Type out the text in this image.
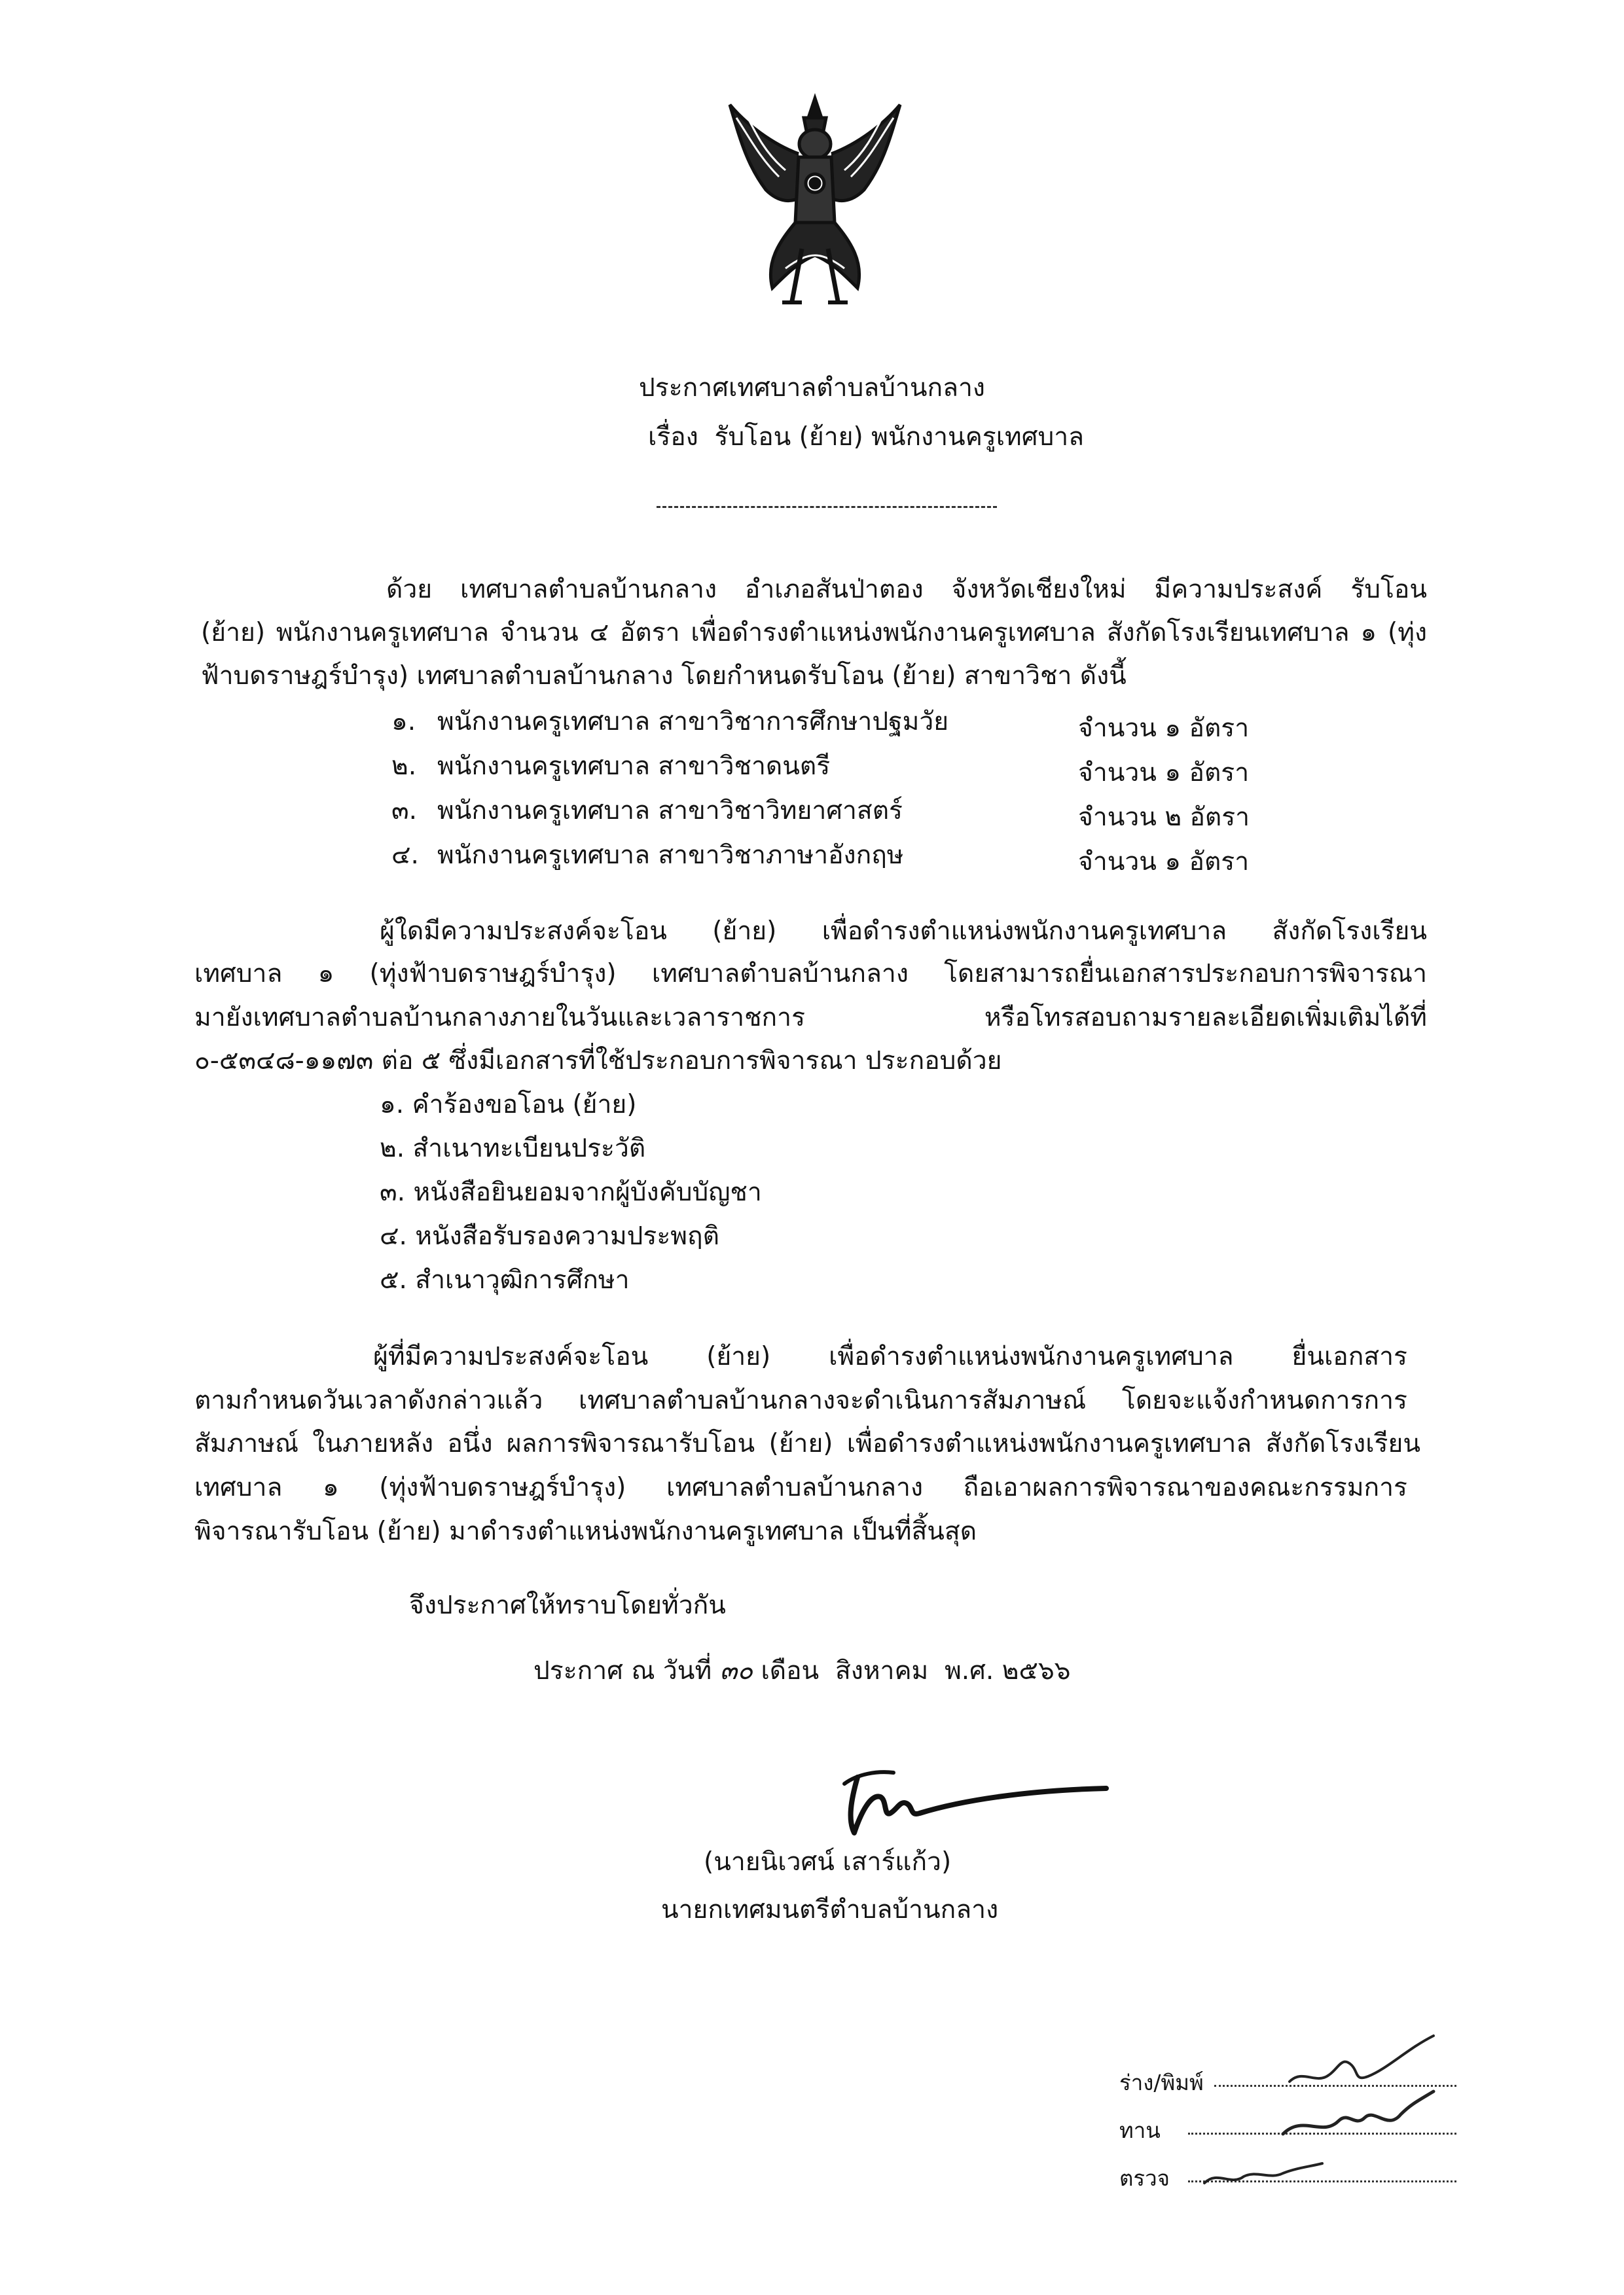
ประกาศเทศบาลตำบลบ้านกลาง
เรื่อง รับโอน (ย้าย) พนักงานครูเทศบาล
ด้วย เทศบาลตำบลบ้านกลาง อำเภอสันป่าตอง จังหวัดเชียงใหม่ มีความประสงค์ รับโอน
(ย้าย) พนักงานครูเทศบาล จำนวน ๔ อัตรา เพื่อดำรงตำแหน่งพนักงานครูเทศบาล สังกัดโรงเรียนเทศบาล ๑ (ทุ่ง
ฟ้าบดราษฎร์บำรุง) เทศบาลตำบลบ้านกลาง โดยกำหนดรับโอน (ย้าย) สาขาวิชา ดังนี้
๑. พนักงานครูเทศบาล สาขาวิชาการศึกษาปฐมวัย	จำนวน ๑ อัตรา
๒. พนักงานครูเทศบาล สาขาวิชาดนตรี	จำนวน ๑ อัตรา
๓. พนักงานครูเทศบาล สาขาวิชาวิทยาศาสตร์	จำนวน ๒ อัตรา
๔. พนักงานครูเทศบาล สาขาวิชาภาษาอังกฤษ	จำนวน ๑ อัตรา
ผู้ใดมีความประสงค์จะโอน (ย้าย) เพื่อดำรงตำแหน่งพนักงานครูเทศบาล สังกัดโรงเรียน
เทศบาล ๑ (ทุ่งฟ้าบดราษฎร์บำรุง) เทศบาลตำบลบ้านกลาง โดยสามารถยื่นเอกสารประกอบการพิจารณา
มายังเทศบาลตำบลบ้านกลางภายในวันและเวลาราชการ หรือโทรสอบถามรายละเอียดเพิ่มเติมได้ที่
๐-๕๓๔๘-๑๑๗๓ ต่อ ๕ ซึ่งมีเอกสารที่ใช้ประกอบการพิจารณา ประกอบด้วย
๑. คำร้องขอโอน (ย้าย)
๒. สำเนาทะเบียนประวัติ
๓. หนังสือยินยอมจากผู้บังคับบัญชา
๔. หนังสือรับรองความประพฤติ
๕. สำเนาวุฒิการศึกษา
ผู้ที่มีความประสงค์จะโอน (ย้าย) เพื่อดำรงตำแหน่งพนักงานครูเทศบาล ยื่นเอกสาร
ตามกำหนดวันเวลาดังกล่าวแล้ว เทศบาลตำบลบ้านกลางจะดำเนินการสัมภาษณ์ โดยจะแจ้งกำหนดการการ
สัมภาษณ์ ในภายหลัง อนึ่ง ผลการพิจารณารับโอน (ย้าย) เพื่อดำรงตำแหน่งพนักงานครูเทศบาล สังกัดโรงเรียน
เทศบาล ๑ (ทุ่งฟ้าบดราษฎร์บำรุง) เทศบาลตำบลบ้านกลาง ถือเอาผลการพิจารณาของคณะกรรมการ
พิจารณารับโอน (ย้าย) มาดำรงตำแหน่งพนักงานครูเทศบาล เป็นที่สิ้นสุด
จึงประกาศให้ทราบโดยทั่วกัน
ประกาศ ณ วันที่ ๓๐ เดือน สิงหาคม พ.ศ. ๒๕๖๖
(นายนิเวศน์ เสาร์แก้ว)
นายกเทศมนตรีตำบลบ้านกลาง
ร่าง/พิมพ์
ทาน
ตรวจ
